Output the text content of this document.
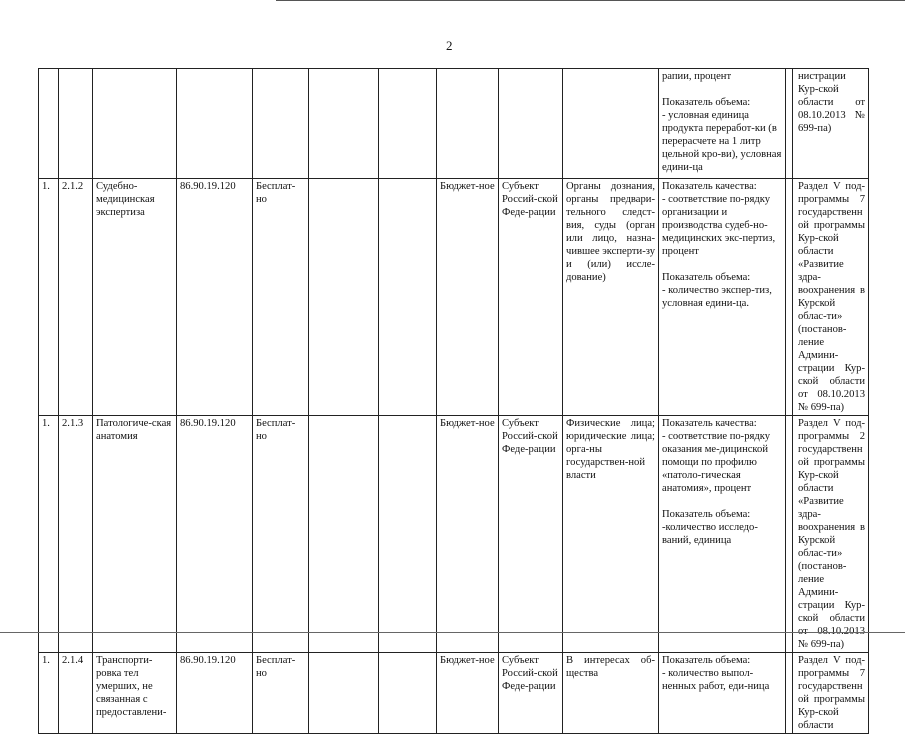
2

										рапии, процент
Показатель объема:
- условная единица продукта переработ-ки (в перерасчете на 1 литр цельной кро-ви), условная едини-ца	нистрации Кур-ской области от 08.10.2013 № 699-па)

1.	2.1.2	Судебно-медицинская экспертиза	86.90.19.120	Бесплат-но			Бюджет-ное	Субъект Россий-ской Феде-рации	Органы дознания, органы предвари-тельного следст-вия, суды (орган или лицо, назна-чившее эксперти-зу и (или) иссле-дование)	Показатель качества:
- соответствие по-рядку организации и производства судеб-но-медицинских экс-пертиз, процент
Показатель объема:
- количество экспер-тиз, условная едини-ца.	Раздел V под-программы 7 государственной программы Кур-ской области «Развитие здра-воохранения в Курской облас-ти» (постанов-ление Админи-страции Кур-ской области от 08.10.2013 № 699-па)

1.	2.1.3	Патологиче-ская анатомия	86.90.19.120	Бесплат-но			Бюджет-ное	Субъект Россий-ской Феде-рации	Физические лица; юридические лица; орга-ны государствен-ной власти	Показатель качества:
- соответствие по-рядку оказания ме-дицинской помощи по профилю «патоло-гическая анатомия», процент
Показатель объема:
-количество исследо-ваний, единица	Раздел V под-программы 2 государственной программы Кур-ской области «Развитие здра-воохранения в Курской облас-ти» (постанов-ление Админи-страции Кур-ской области от 08.10.2013 № 699-па)

1.	2.1.4	Транспорти-ровка тел умерших, не связанная с предоставлени-	86.90.19.120	Бесплат-но			Бюджет-ное	Субъект Россий-ской Феде-рации	В интересах об-щества	Показатель объема:
- количество выпол-ненных работ, еди-ница	Раздел V под-программы 7 государственной программы Кур-ской области
